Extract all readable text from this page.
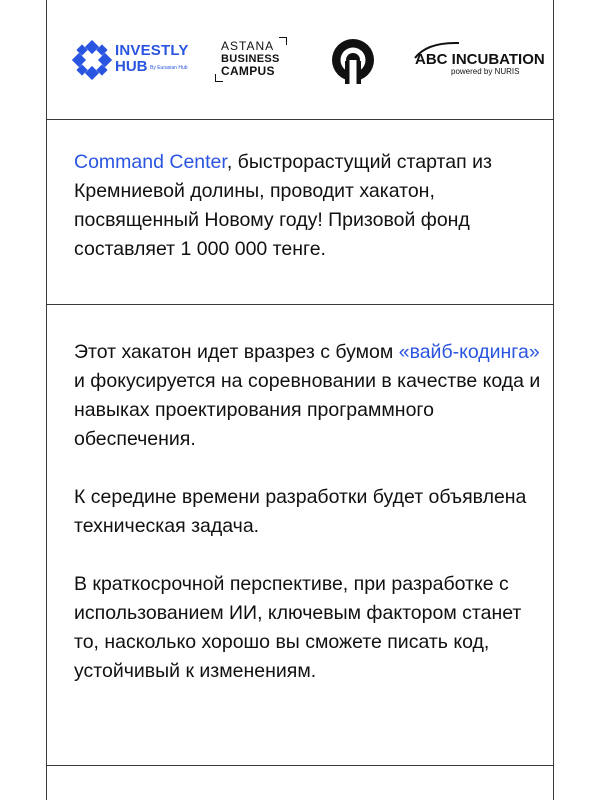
INVESTLY
HUB By Eurasian Hub
ASTANA
BUSINESS
CAMPUS
ABC INCUBATION
powered by NURIS

Command Center, быстрорастущий стартап из Кремниевой долины, проводит хакатон, посвященный Новому году! Призовой фонд составляет 1 000 000 тенге.

Этот хакатон идет вразрез с бумом «вайб-кодинга» и фокусируется на соревновании в качестве кода и навыках проектирования программного обеспечения.

К середине времени разработки будет объявлена техническая задача.

В краткосрочной перспективе, при разработке с использованием ИИ, ключевым фактором станет то, насколько хорошо вы сможете писать код, устойчивый к изменениям.
